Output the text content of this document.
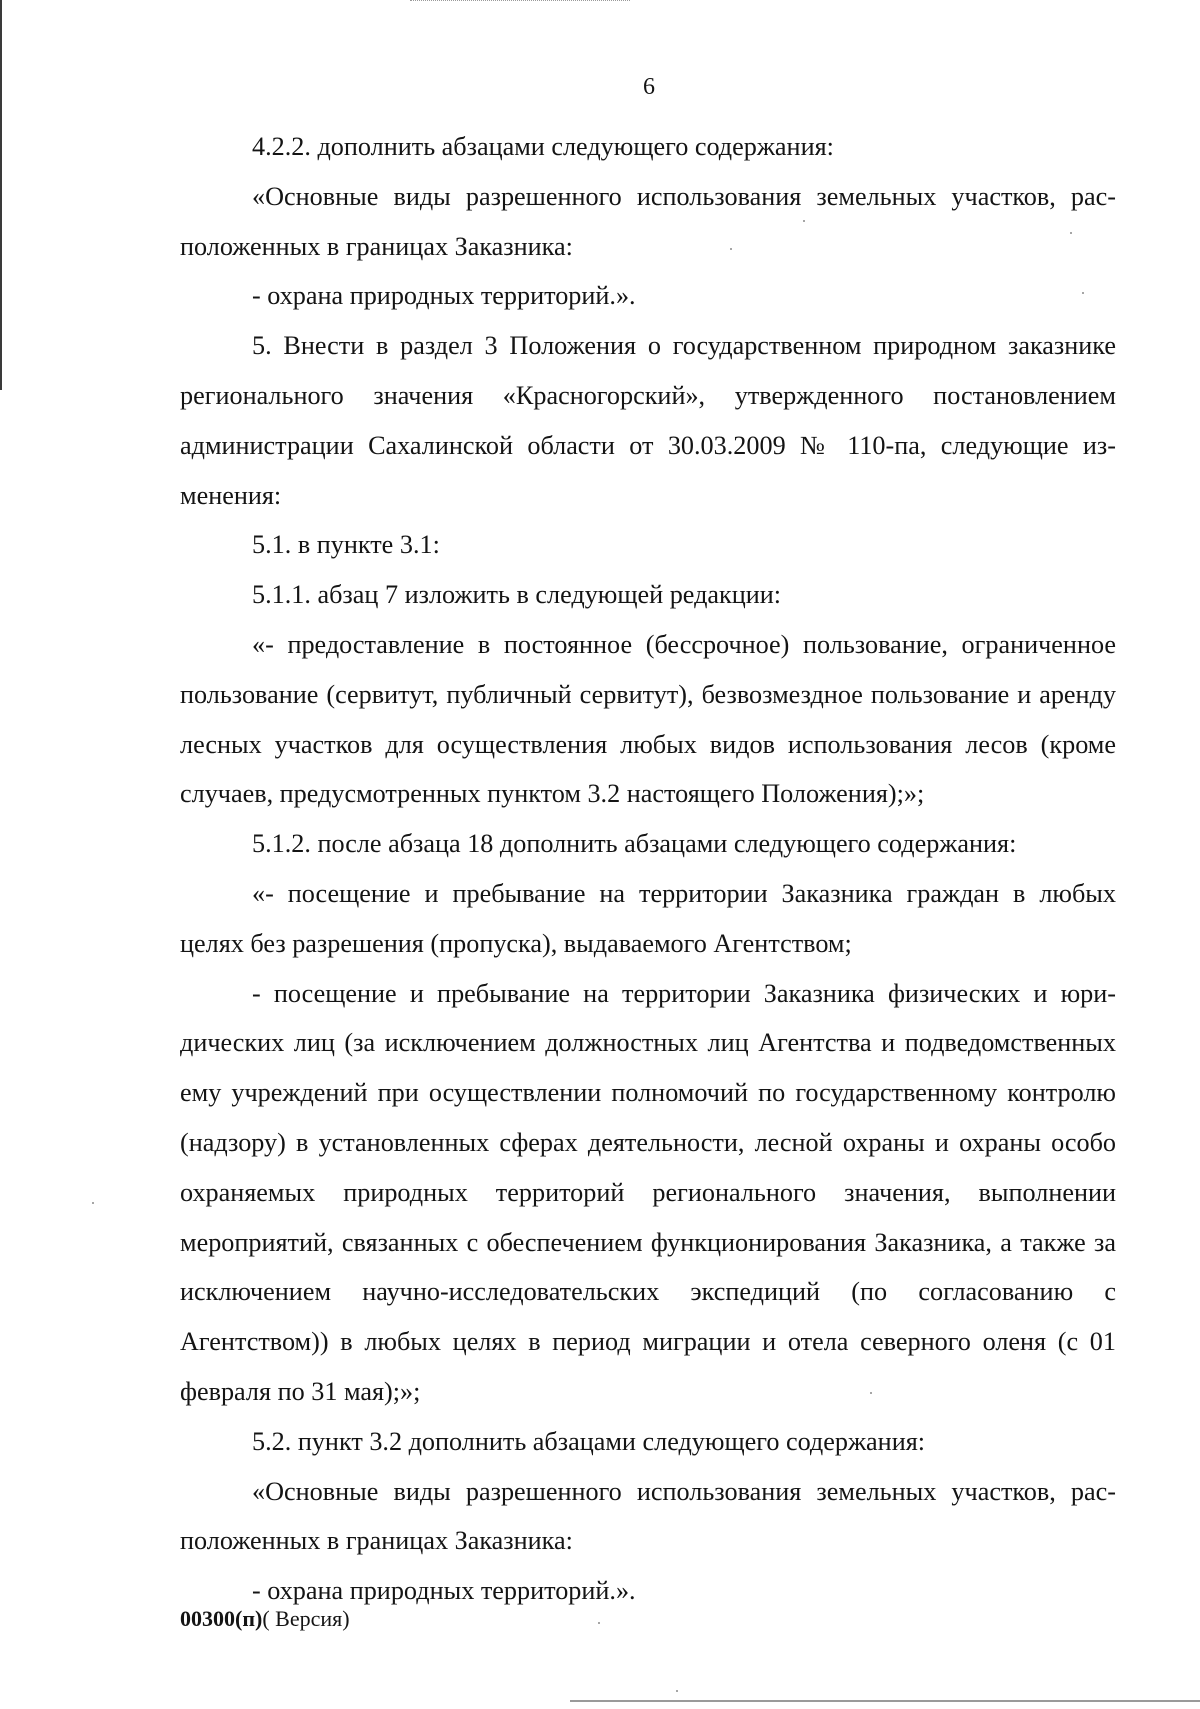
6

4.2.2. дополнить абзацами следующего содержания:

«Основные виды разрешенного использования земельных участков, расположенных в границах Заказника:

- охрана природных территорий.».

5. Внести в раздел 3 Положения о государственном природном заказнике регионального значения «Красногорский», утвержденного постановлением администрации Сахалинской области от 30.03.2009 № 110-па, следующие изменения:

5.1. в пункте 3.1:

5.1.1. абзац 7 изложить в следующей редакции:

«- предоставление в постоянное (бессрочное) пользование, ограниченное пользование (сервитут, публичный сервитут), безвозмездное пользование и аренду лесных участков для осуществления любых видов использования лесов (кроме случаев, предусмотренных пунктом 3.2 настоящего Положения);»;

5.1.2. после абзаца 18 дополнить абзацами следующего содержания:

«- посещение и пребывание на территории Заказника граждан в любых целях без разрешения (пропуска), выдаваемого Агентством;

- посещение и пребывание на территории Заказника физических и юридических лиц (за исключением должностных лиц Агентства и подведомственных ему учреждений при осуществлении полномочий по государственному контролю (надзору) в установленных сферах деятельности, лесной охраны и охраны особо охраняемых природных территорий регионального значения, выполнении мероприятий, связанных с обеспечением функционирования Заказника, а также за исключением научно-исследовательских экспедиций (по согласованию с Агентством)) в любых целях в период миграции и отела северного оленя (с 01 февраля по 31 мая);»;

5.2. пункт 3.2 дополнить абзацами следующего содержания:

«Основные виды разрешенного использования земельных участков, расположенных в границах Заказника:

- охрана природных территорий.».

00300(п)( Версия)
